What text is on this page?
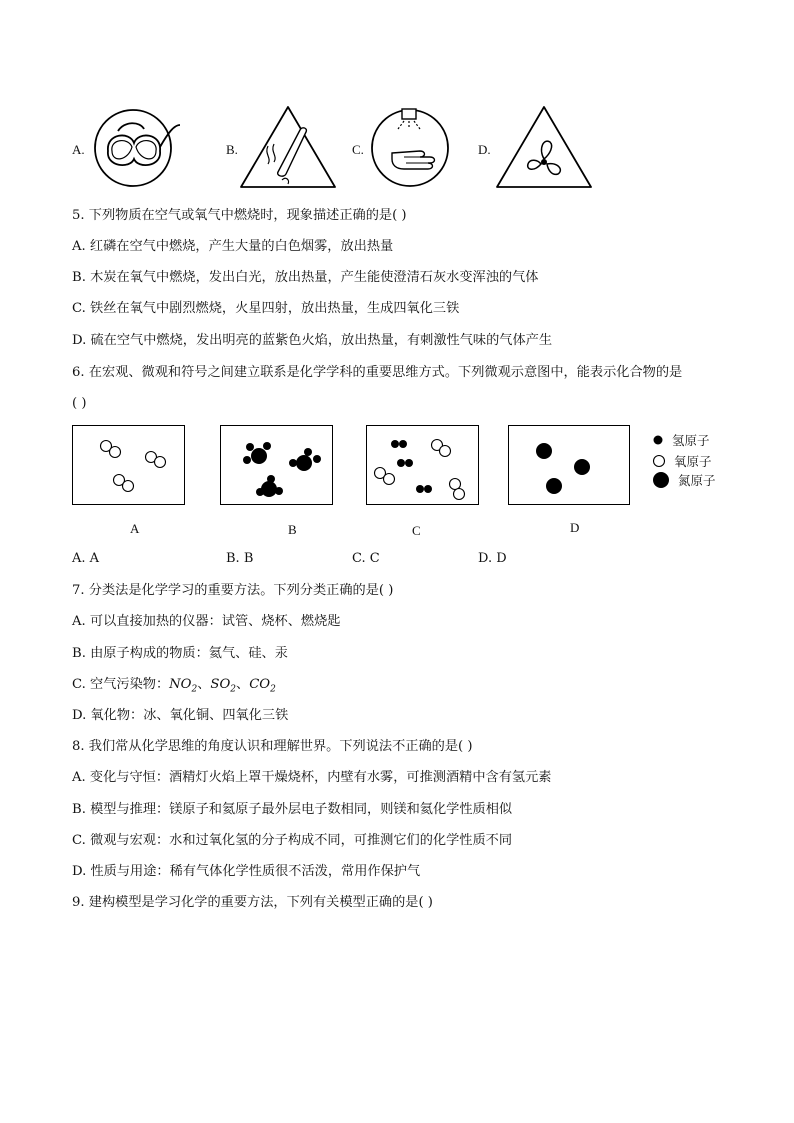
A.	B.	C.	D.
5. 下列物质在空气或氧气中燃烧时，现象描述正确的是( )
A. 红磷在空气中燃烧，产生大量的白色烟雾，放出热量
B. 木炭在氧气中燃烧，发出白光，放出热量，产生能使澄清石灰水变浑浊的气体
C. 铁丝在氧气中剧烈燃烧，火星四射，放出热量，生成四氧化三铁
D. 硫在空气中燃烧，发出明亮的蓝紫色火焰，放出热量，有刺激性气味的气体产生
6. 在宏观、微观和符号之间建立联系是化学学科的重要思维方式。下列微观示意图中，能表示化合物的是
( )
氢原子
氧原子
氮原子
A	B	C	D
A. A	B. B	C. C	D. D
7. 分类法是化学学习的重要方法。下列分类正确的是( )
A. 可以直接加热的仪器：试管、烧杯、燃烧匙
B. 由原子构成的物质：氦气、硅、汞
C. 空气污染物：$NO_2$、$SO_2$、$CO_2$
D. 氧化物：冰、氧化铜、四氧化三铁
8. 我们常从化学思维的角度认识和理解世界。下列说法不正确的是( )
A. 变化与守恒：酒精灯火焰上罩干燥烧杯，内壁有水雾，可推测酒精中含有氢元素
B. 模型与推理：镁原子和氦原子最外层电子数相同，则镁和氦化学性质相似
C. 微观与宏观：水和过氧化氢的分子构成不同，可推测它们的化学性质不同
D. 性质与用途：稀有气体化学性质很不活泼，常用作保护气
9. 建构模型是学习化学的重要方法，下列有关模型正确的是( )
